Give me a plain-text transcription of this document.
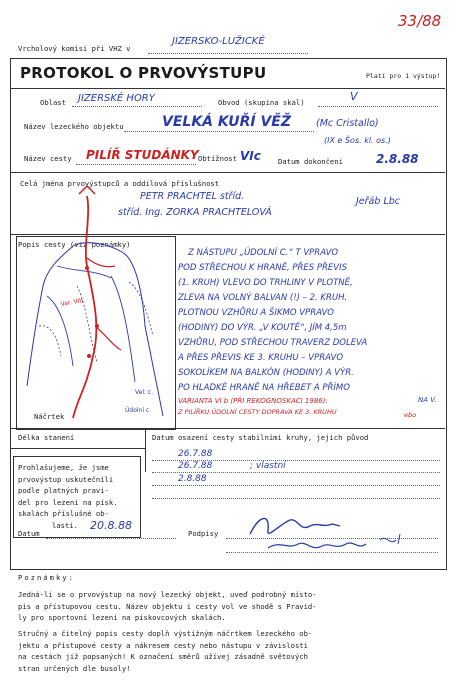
33/88
Vrcholový komisi při VHZ v
JIZERSKO-LUŽICKÉ
PROTOKOL O PRVOVÝSTUPU	Platí pro 1 výstup!
Oblast JIZERSKÉ HORY	Obvod (skupina skal)	V
Název lezeckého objektu	VELKÁ KUŘÍ VĚŽ	(Mc Cristallo)
(IX e Šos. kl. os.)
Název cesty PILÍŘ STUDÁNKY Obtížnost VIc Datum dokončení	2.8.88
Celá jména prvovýstupců a oddílová příslušnost
PETR PRACHTEL stříd.
stříd. Ing. ZORKA PRACHTELOVÁ
Jeřáb Lbc
Popis cesty (viz poznámky)
Náčrtek
Var. VIb
Údolní c.
Vel. c.
Z NÁSTUPU „ÚDOLNÍ C.“ T VPRAVO
POD STŘECHOU K HRANĚ, PŘES PŘEVIS
(1. KRUH) VLEVO DO TRHLINY V PLOTNĚ,
ZLEVA NA VOLNÝ BALVAN (!) – 2. KRUH.
PLOTNOU VZHŮRU A ŠIKMO VPRAVO
(HODINY) DO VÝR. „V KOUTĚ“, JÍM 4,5m
VZHŮRU, POD STŘECHOU TRAVERZ DOLEVA
A PŘES PŘEVIS KE 3. KRUHU – VPRAVO
SOKOLÍKEM NA BALKÓN (HODINY) A VÝR.
PO HLADKÉ HRANĚ NA HŘEBET A PŘÍMO
VARIANTA VI b (PŘI REKOGNOSKACI 1986):
Z PILÍŘKU ÚDOLNÍ CESTY DOPRAVA KE 3. KRUHU
NA V.
ebo
Délka stanení	Datum osazení cesty stabilními kruhy, jejich původ
26.7.88
26.7.88	; vlastní
2.8.88
Prohlašujeme, že jsme
prvovýstup uskutečnili
podle platných pravi-
del pro lezení na písk.
skalách příslušné ob-
lasti.
Datum
20.8.88
Podpisy
Poznámky:
Jedná-li se o prvovýstup na nový lezecký objekt, uveď podrobný místo-
pis a přístupovou cestu. Název objektu i cesty vol ve shodě s Pravid-
ly pro sportovní lezení na pískovcových skalách.
Stručný a čitelný popis cesty doplň výstižným náčrtkem lezeckého ob-
jektu a přístupové cesty a nákresem cesty nebo nástupu v závislosti
na cestách již popsaných! K označení směrů užívej zásadně světových
stran určených dle busoly!
